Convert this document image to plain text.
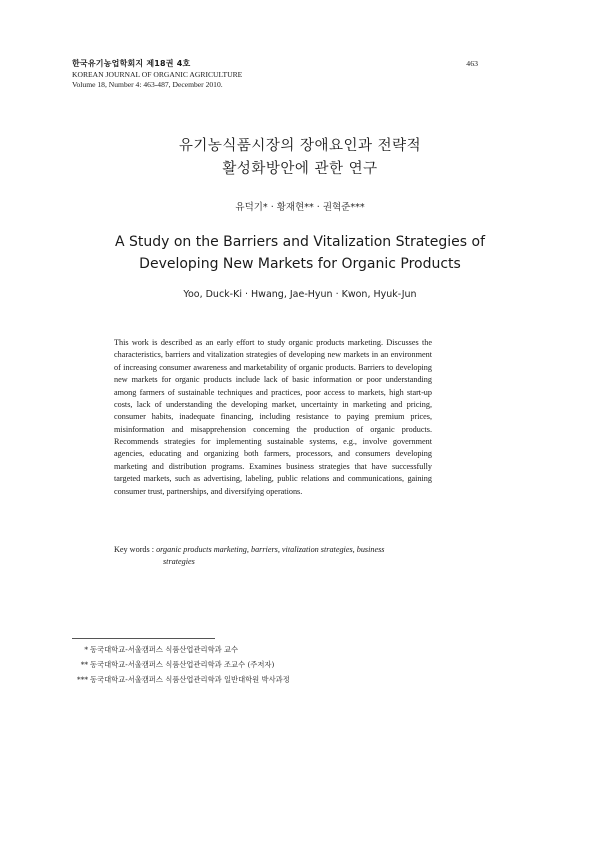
한국유기농업학회지 제18권 4호
KOREAN JOURNAL OF ORGANIC AGRICULTURE
Volume 18, Number 4: 463-487, December 2010.
463
유기농식품시장의 장애요인과 전략적
활성화방안에 관한 연구
유덕기* · 황재현** · 권혁준***
A Study on the Barriers and Vitalization Strategies of
Developing New Markets for Organic Products
Yoo, Duck-Ki · Hwang, Jae-Hyun · Kwon, Hyuk-Jun
This work is described as an early effort to study organic products marketing. Discusses the characteristics, barriers and vitalization strategies of developing new markets in an environment of increasing consumer awareness and marketability of organic products. Barriers to developing new markets for organic products include lack of basic information or poor understanding among farmers of sustainable techniques and practices, poor access to markets, high start-up costs, lack of understanding the developing market, uncertainty in marketing and pricing, consumer habits, inadequate financing, including resistance to paying premium prices, misinformation and misapprehension concerning the production of organic products. Recommends strategies for implementing sustainable systems, e.g., involve government agencies, educating and organizing both farmers, processors, and consumers developing marketing and distribution programs. Examines business strategies that have successfully targeted markets, such as advertising, labeling, public relations and communications, gaining consumer trust, partnerships, and diversifying operations.
Key words : organic products marketing, barriers, vitalization strategies, business
strategies
* 동국대학교-서울캠퍼스 식품산업관리학과 교수
** 동국대학교-서울캠퍼스 식품산업관리학과 조교수 (주저자)
*** 동국대학교-서울캠퍼스 식품산업관리학과 일반대학원 박사과정
